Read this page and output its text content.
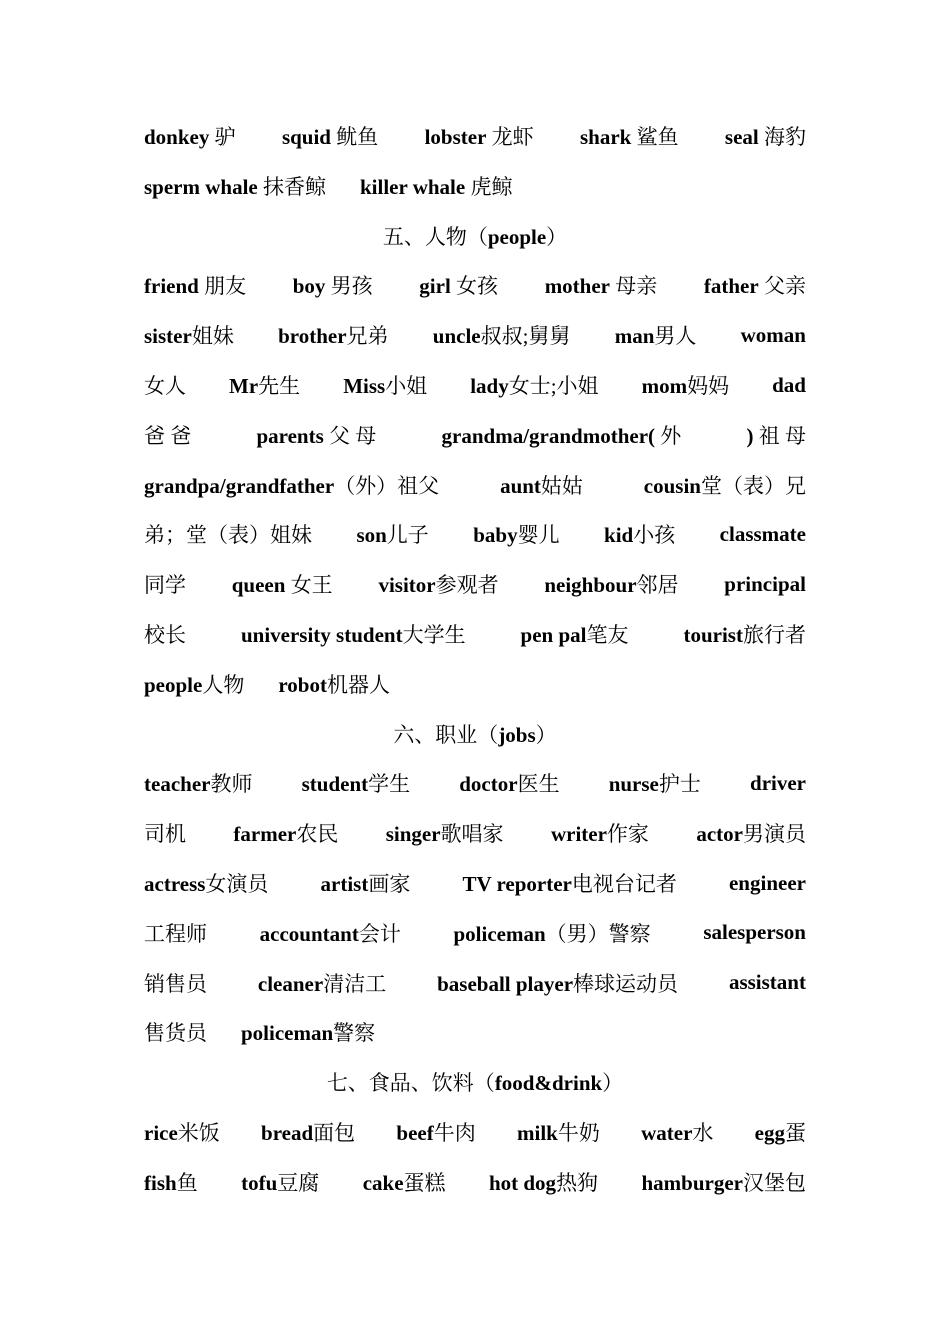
donkey 驴 squid 鱿鱼 lobster 龙虾 shark 鲨鱼 seal 海豹
sperm whale 抹香鲸 killer whale 虎鲸
五、人物（people）
friend 朋友 boy 男孩 girl 女孩 mother 母亲 father 父亲
sister姐妹 brother兄弟 uncle叔叔;舅舅 man男人 woman
女人 Mr先生 Miss小姐 lady女士;小姐 mom妈妈 dad
爸 爸	parents 父 母	grandma/grandmother( 外	) 祖 母
grandpa/grandfather（外）祖父	aunt姑姑	cousin堂（表）兄
弟；堂（表）姐妹 son儿子 baby婴儿 kid小孩 classmate
同学 queen 女王 visitor参观者 neighbour邻居 principal
校长	university student大学生	pen pal笔友	tourist旅行者
people人物 robot机器人
六、职业（jobs）
teacher教师 student学生 doctor医生 nurse护士 driver
司机 farmer农民 singer歌唱家 writer作家 actor男演员
actress女演员 artist画家 TV reporter电视台记者 engineer
工程师	accountant会计	policeman（男）警察	salesperson
销售员 cleaner清洁工 baseball player棒球运动员 assistant
售货员 policeman警察
七、食品、饮料（food&drink）
rice米饭 bread面包 beef牛肉 milk牛奶 water水 egg蛋
fish鱼 tofu豆腐 cake蛋糕 hot dog热狗 hamburger汉堡包
